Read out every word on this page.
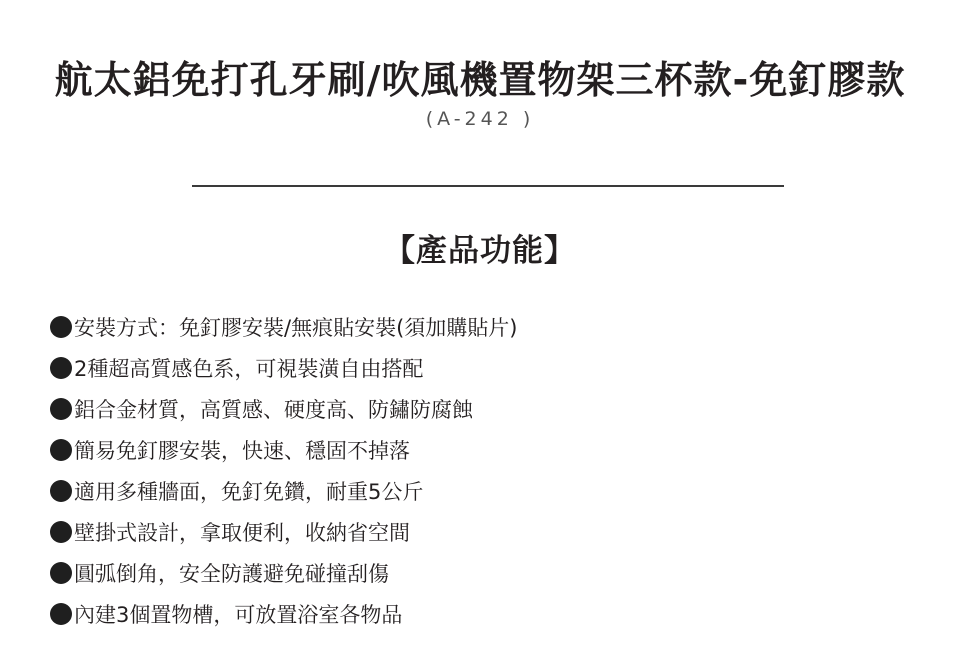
航太鋁免打孔牙刷/吹風機置物架三杯款-免釘膠款
(A-242 )
【產品功能】
安裝方式：免釘膠安裝/無痕貼安裝(須加購貼片)
2種超高質感色系，可視裝潢自由搭配
鋁合金材質，高質感、硬度高、防鏽防腐蝕
簡易免釘膠安裝，快速、穩固不掉落
適用多種牆面，免釘免鑽，耐重5公斤
壁掛式設計，拿取便利，收納省空間
圓弧倒角，安全防護避免碰撞刮傷
內建3個置物槽，可放置浴室各物品
